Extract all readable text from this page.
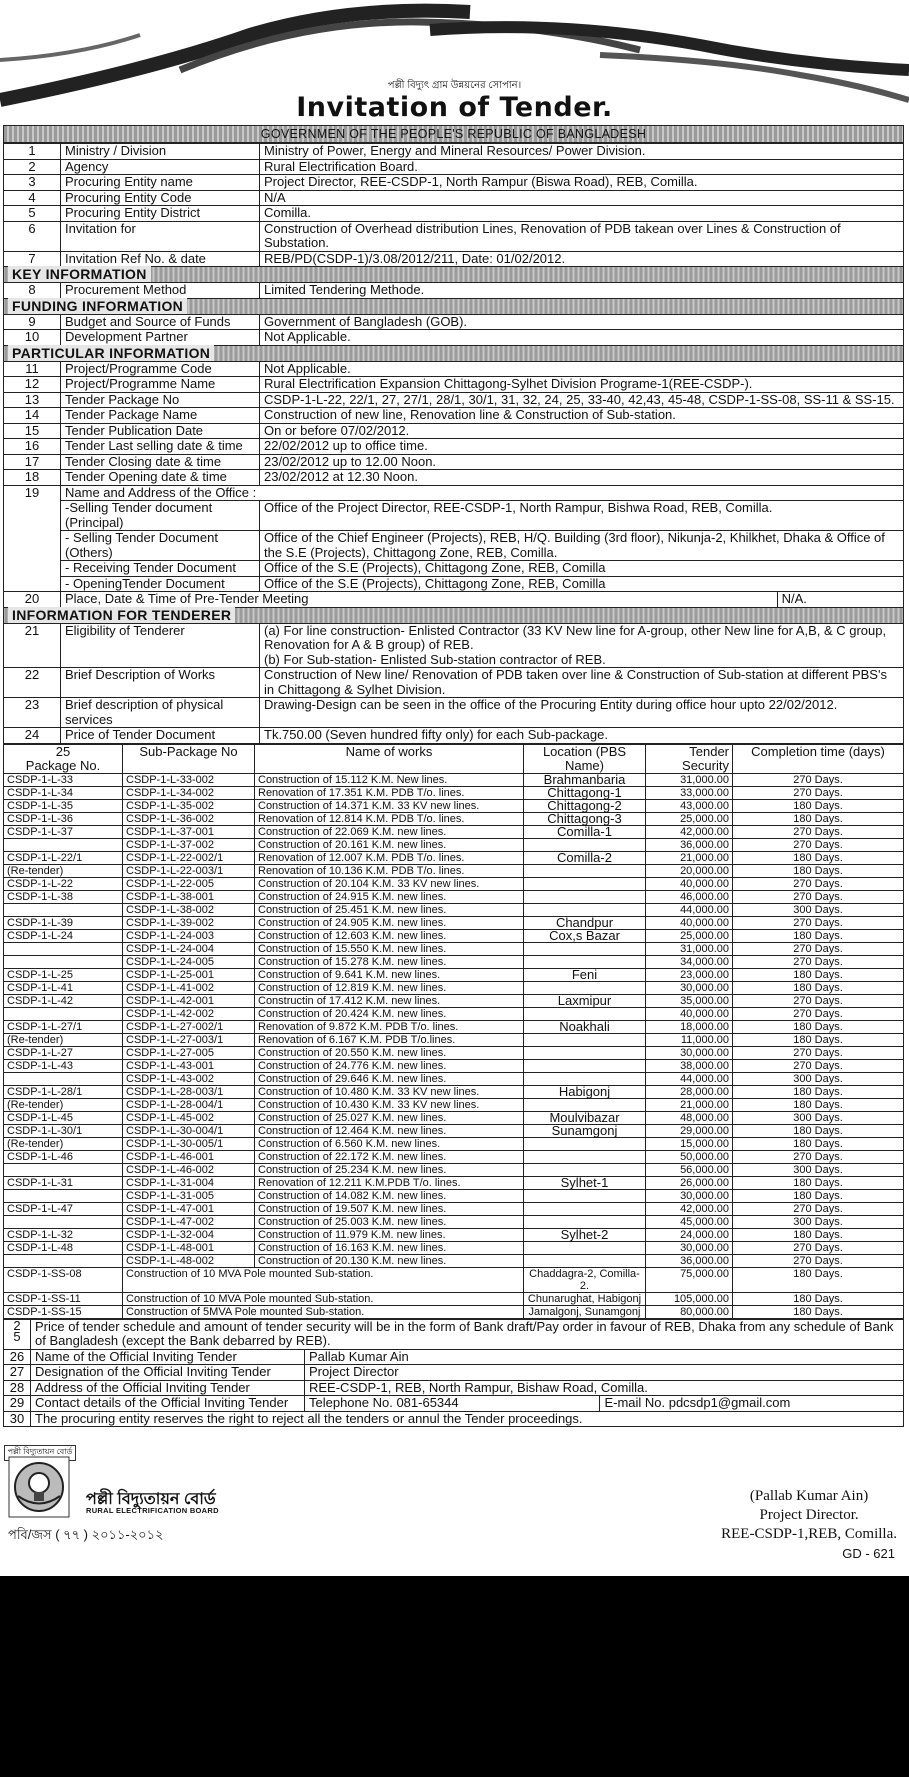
পল্লী বিদ্যুৎ গ্রাম উন্নয়নের সোপান।
Invitation of Tender.
GOVERNMEN OF THE PEOPLE'S REPUBLIC OF BANGLADESH
1	Ministry / Division	Ministry of Power, Energy and Mineral Resources/ Power Division.	
2	Agency	Rural Electrification Board.	
3	Procuring Entity name	Project Director, REE-CSDP-1, North Rampur (Biswa Road), REB, Comilla.	
4	Procuring Entity Code	N/A	
5	Procuring Entity District	Comilla.	
6	Invitation for	Construction of Overhead distribution Lines, Renovation of PDB takean over Lines & Construction of Substation.	
7	Invitation Ref No. & date	REB/PD(CSDP-1)/3.08/2012/211, Date: 01/02/2012.	
KEY INFORMATION			
8	Procurement Method	Limited Tendering Methode.	
FUNDING INFORMATION			
9	Budget and Source of Funds	Government of Bangladesh (GOB).	
10	Development Partner	Not Applicable.	
PARTICULAR INFORMATION			
11	Project/Programme Code	Not Applicable.	
12	Project/Programme Name	Rural Electrification Expansion Chittagong-Sylhet Division Programe-1(REE-CSDP-).	
13	Tender Package No	CSDP-1-L-22, 22/1, 27, 27/1, 28/1, 30/1, 31, 32, 24, 25, 33-40, 42,43, 45-48, CSDP-1-SS-08, SS-11 & SS-15.	
14	Tender Package Name	Construction of new line, Renovation line & Construction of Sub-station.	
15	Tender Publication Date	On or before 07/02/2012.	
16	Tender Last selling date & time	22/02/2012 up to office time.	
17	Tender Closing date & time	23/02/2012 up to 12.00 Noon.	
18	Tender Opening date & time	23/02/2012 at 12.30 Noon.	
19	Name and Address of the Office :		
	-Selling Tender document (Principal)	Office of the Project Director, REE-CSDP-1, North Rampur, Bishwa Road, REB, Comilla.	
	- Selling Tender Document (Others)	Office of the Chief Engineer (Projects), REB, H/Q. Building (3rd floor), Nikunja-2, Khilkhet, Dhaka & Office of the S.E (Projects), Chittagong Zone, REB, Comilla.	
	- Receiving Tender Document	Office of the S.E (Projects), Chittagong Zone, REB, Comilla	
	- OpeningTender Document	Office of the S.E (Projects), Chittagong Zone, REB, Comilla	
20	Place, Date & Time of Pre-Tender Meeting		N/A.
INFORMATION FOR TENDERER			
21	Eligibility of Tenderer	(a) For line construction- Enlisted Contractor (33 KV New line for A-group, other New line for A,B, & C group, Renovation for A & B group) of REB.
(b) For Sub-station- Enlisted Sub-station contractor of REB.	
22	Brief Description of Works	Construction of New line/ Renovation of PDB taken over line & Construction of Sub-station at different PBS's in Chittagong & Sylhet Division.	
23	Brief description of physical services	Drawing-Design can be seen in the office of the Procuring Entity during office hour upto 22/02/2012.	
24	Price of Tender Document	Tk.750.00 (Seven hundred fifty only) for each Sub-package.	
25
Package No.	Sub-Package No	Name of works	Location (PBS Name)	Tender Security	Completion time (days)
CSDP-1-L-33	CSDP-1-L-33-002	Construction of 15.112 K.M. New lines.	Brahmanbaria	31,000.00	270 Days.
CSDP-1-L-34	CSDP-1-L-34-002	Renovation of 17.351 K.M. PDB T/o. lines.	Chittagong-1	33,000.00	270 Days.
CSDP-1-L-35	CSDP-1-L-35-002	Construction of 14.371 K.M. 33 KV new lines.	Chittagong-2	43,000.00	180 Days.
CSDP-1-L-36	CSDP-1-L-36-002	Renovation of 12.814 K.M. PDB T/o. lines.	Chittagong-3	25,000.00	180 Days.
CSDP-1-L-37	CSDP-1-L-37-001	Construction of 22.069 K.M. new lines.	Comilla-1	42,000.00	270 Days.
	CSDP-1-L-37-002	Construction of 20.161 K.M. new lines.		36,000.00	270 Days.
CSDP-1-L-22/1	CSDP-1-L-22-002/1	Renovation of 12.007 K.M. PDB T/o. lines.	Comilla-2	21,000.00	180 Days.
(Re-tender)	CSDP-1-L-22-003/1	Renovation of 10.136 K.M. PDB T/o. lines.		20,000.00	180 Days.
CSDP-1-L-22	CSDP-1-L-22-005	Construction of 20.104 K.M. 33 KV new lines.		40,000.00	270 Days.
CSDP-1-L-38	CSDP-1-L-38-001	Construction of 24.915 K.M. new lines.		46,000.00	270 Days.
	CSDP-1-L-38-002	Construction of 25.451 K.M. new lines.		44,000.00	300 Days.
CSDP-1-L-39	CSDP-1-L-39-002	Construction of 24.905 K.M. new lines.	Chandpur	40,000.00	270 Days.
CSDP-1-L-24	CSDP-1-L-24-003	Construction of 12.603 K.M. new lines.	Cox,s Bazar	25,000.00	180 Days.
	CSDP-1-L-24-004	Construction of 15.550 K.M. new lines.		31,000.00	270 Days.
	CSDP-1-L-24-005	Construction of 15.278 K.M. new lines.		34,000.00	270 Days.
CSDP-1-L-25	CSDP-1-L-25-001	Construction of 9.641 K.M. new lines.	Feni	23,000.00	180 Days.
CSDP-1-L-41	CSDP-1-L-41-002	Construction of 12.819 K.M. new lines.		30,000.00	180 Days.
CSDP-1-L-42	CSDP-1-L-42-001	Constructin of 17.412 K.M. new lines.	Laxmipur	35,000.00	270 Days.
	CSDP-1-L-42-002	Construction of 20.424 K.M. new lines.		40,000.00	270 Days.
CSDP-1-L-27/1	CSDP-1-L-27-002/1	Renovation of 9.872 K.M. PDB T/o. lines.	Noakhali	18,000.00	180 Days.
(Re-tender)	CSDP-1-L-27-003/1	Renovation of 6.167 K.M. PDB T/o.lines.		11,000.00	180 Days.
CSDP-1-L-27	CSDP-1-L-27-005	Construction of 20.550 K.M. new lines.		30,000.00	270 Days.
CSDP-1-L-43	CSDP-1-L-43-001	Construction of 24.776 K.M. new lines.		38,000.00	270 Days.
	CSDP-1-L-43-002	Construction of 29.646 K.M. new lines.		44,000.00	300 Days.
CSDP-1-L-28/1	CSDP-1-L-28-003/1	Construction of 10.480 K.M. 33 KV new lines.	Habigonj	28,000.00	180 Days.
(Re-tender)	CSDP-1-L-28-004/1	Construction of 10.430 K.M. 33 KV new lines.		21,000.00	180 Days.
CSDP-1-L-45	CSDP-1-L-45-002	Construction of 25.027 K.M. new lines.	Moulvibazar	48,000.00	300 Days.
CSDP-1-L-30/1	CSDP-1-L-30-004/1	Construction of 12.464 K.M. new lines.	Sunamgonj	29,000.00	180 Days.
(Re-tender)	CSDP-1-L-30-005/1	Construction of 6.560 K.M. new lines.		15,000.00	180 Days.
CSDP-1-L-46	CSDP-1-L-46-001	Construction of 22.172 K.M. new lines.		50,000.00	270 Days.
	CSDP-1-L-46-002	Construction of 25.234 K.M. new lines.		56,000.00	300 Days.
CSDP-1-L-31	CSDP-1-L-31-004	Renovation of 12.211 K.M.PDB T/o. lines.	Sylhet-1	26,000.00	180 Days.
	CSDP-1-L-31-005	Construction of 14.082 K.M. new lines.		30,000.00	180 Days.
CSDP-1-L-47	CSDP-1-L-47-001	Construction of 19.507 K.M. new lines.		42,000.00	270 Days.
	CSDP-1-L-47-002	Construction of 25.003 K.M. new lines.		45,000.00	300 Days.
CSDP-1-L-32	CSDP-1-L-32-004	Construction of 11.979 K.M. new lines.	Sylhet-2	24,000.00	180 Days.
CSDP-1-L-48	CSDP-1-L-48-001	Construction of 16.163 K.M. new lines.		30,000.00	270 Days.
	CSDP-1-L-48-002	Construction of 20.130 K.M. new lines.		36,000.00	270 Days.
CSDP-1-SS-08	Construction of 10 MVA Pole mounted Sub-station.		Chaddagra-2, Comilla-2.	75,000.00	180 Days.
CSDP-1-SS-11	Construction of 10 MVA Pole mounted Sub-station.		Chunarughat, Habigonj	105,000.00	180 Days.
CSDP-1-SS-15	Construction of 5MVA Pole mounted Sub-station.		Jamalgonj, Sunamgonj	80,000.00	180 Days.
2
5	Price of tender schedule and amount of tender security will be in the form of Bank draft/Pay order in favour of REB, Dhaka from any schedule of Bank of Bangladesh (except the Bank debarred by REB).		
26	Name of the Official Inviting Tender	Pallab Kumar Ain	
27	Designation of the Official Inviting Tender	Project Director	
28	Address of the Official Inviting Tender	REE-CSDP-1, REB, North Rampur, Bishaw Road, Comilla.	
29	Contact details of the Official Inviting Tender	Telephone No. 081-65344	E-mail No. pdcsdp1@gmail.com
30	The procuring entity reserves the right to reject all the tenders or annul the Tender proceedings.		
পল্লী বিদ্যুতায়ন বোর্ড
পল্লী বিদ্যুতায়ন বোর্ড
RURAL ELECTRIFICATION BOARD
পবি/জস ( ৭৭ ) ২০১১-২০১২
(Pallab Kumar Ain)
Project Director.
REE-CSDP-1,REB, Comilla.
GD - 621
